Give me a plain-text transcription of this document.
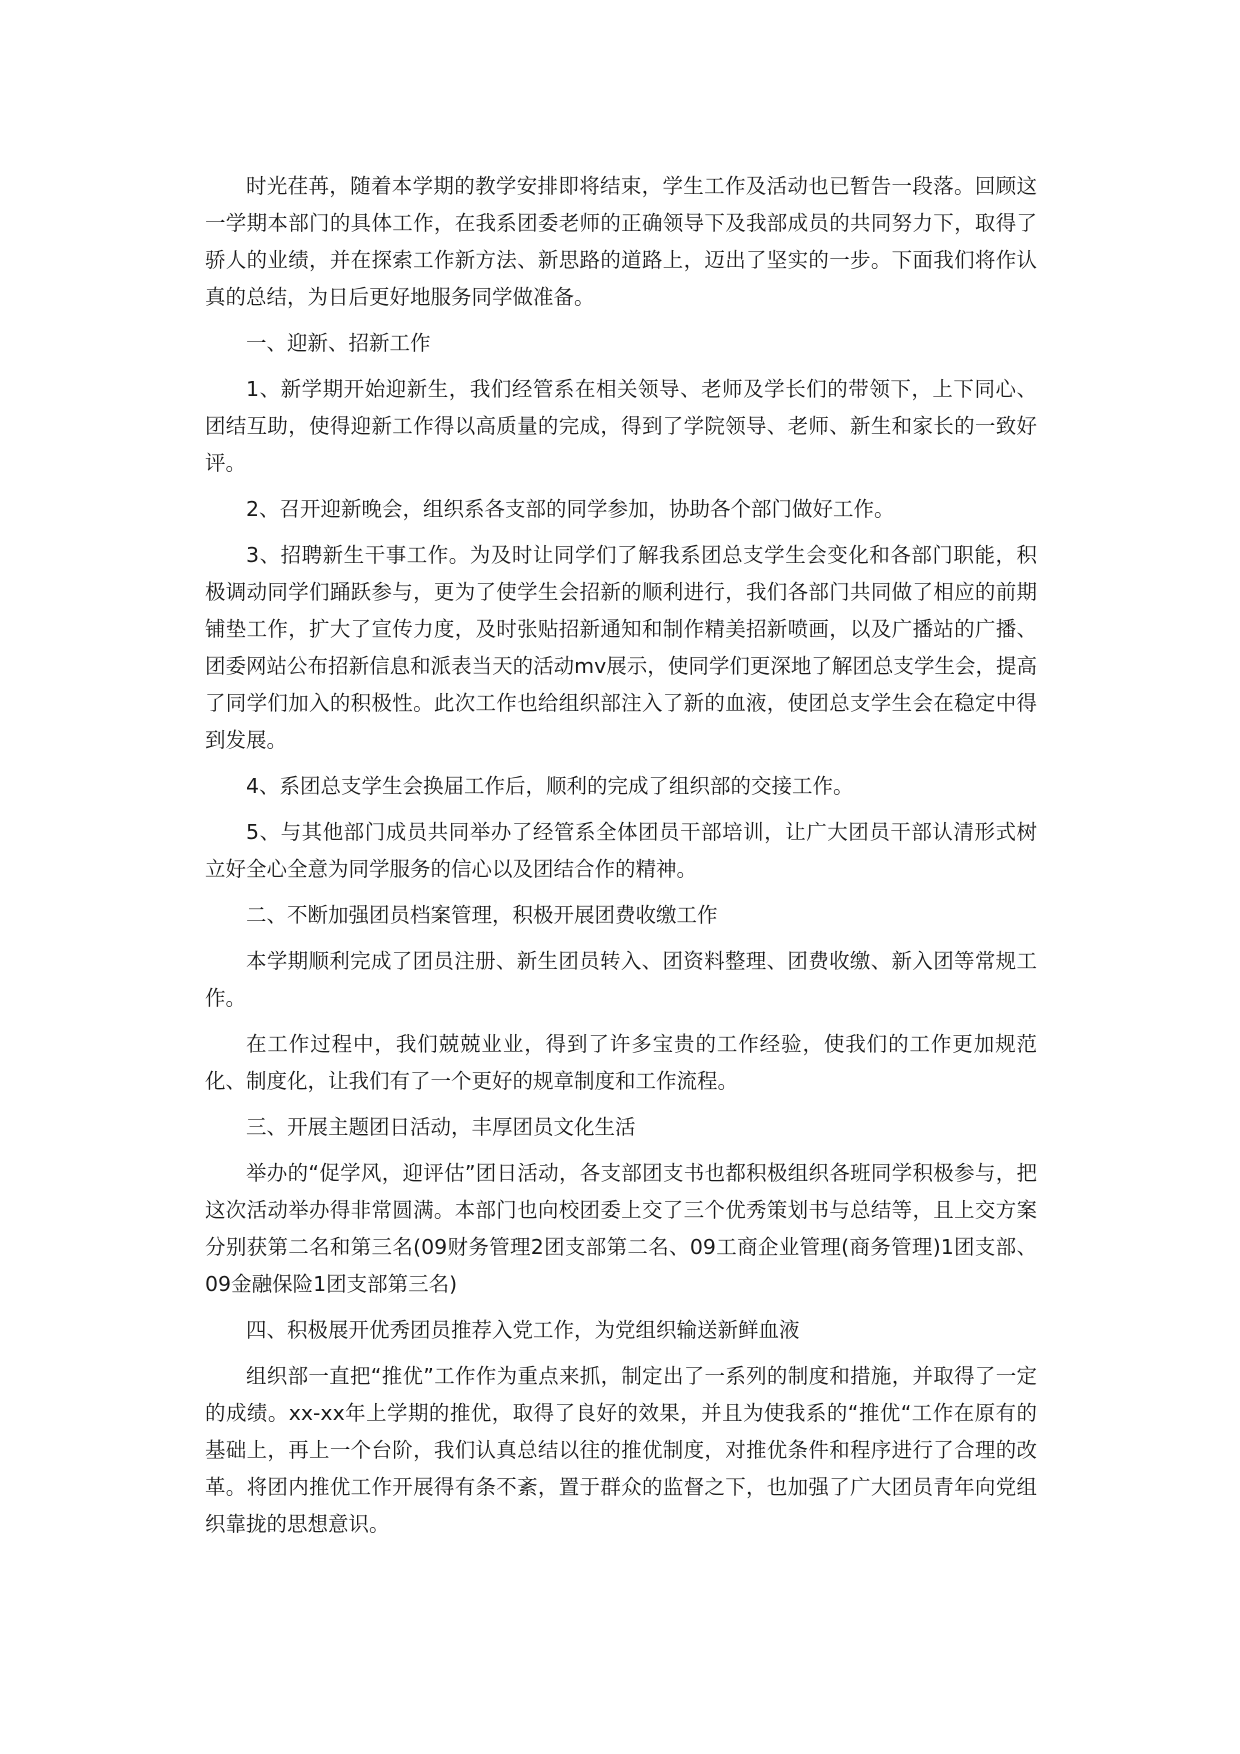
时光荏苒，随着本学期的教学安排即将结束，学生工作及活动也已暂告一段落。回顾这一学期本部门的具体工作，在我系团委老师的正确领导下及我部成员的共同努力下，取得了骄人的业绩，并在探索工作新方法、新思路的道路上，迈出了坚实的一步。下面我们将作认真的总结，为日后更好地服务同学做准备。

一、迎新、招新工作

1、新学期开始迎新生，我们经管系在相关领导、老师及学长们的带领下，上下同心、团结互助，使得迎新工作得以高质量的完成，得到了学院领导、老师、新生和家长的一致好评。

2、召开迎新晚会，组织系各支部的同学参加，协助各个部门做好工作。

3、招聘新生干事工作。为及时让同学们了解我系团总支学生会变化和各部门职能，积极调动同学们踊跃参与，更为了使学生会招新的顺利进行，我们各部门共同做了相应的前期铺垫工作，扩大了宣传力度，及时张贴招新通知和制作精美招新喷画，以及广播站的广播、团委网站公布招新信息和派表当天的活动mv展示，使同学们更深地了解团总支学生会，提高了同学们加入的积极性。此次工作也给组织部注入了新的血液，使团总支学生会在稳定中得到发展。

4、系团总支学生会换届工作后，顺利的完成了组织部的交接工作。

5、与其他部门成员共同举办了经管系全体团员干部培训，让广大团员干部认清形式树立好全心全意为同学服务的信心以及团结合作的精神。

二、不断加强团员档案管理，积极开展团费收缴工作

本学期顺利完成了团员注册、新生团员转入、团资料整理、团费收缴、新入团等常规工作。

在工作过程中，我们兢兢业业，得到了许多宝贵的工作经验，使我们的工作更加规范化、制度化，让我们有了一个更好的规章制度和工作流程。

三、开展主题团日活动，丰厚团员文化生活

举办的“促学风，迎评估”团日活动，各支部团支书也都积极组织各班同学积极参与，把这次活动举办得非常圆满。本部门也向校团委上交了三个优秀策划书与总结等，且上交方案分别获第二名和第三名(09财务管理2团支部第二名、09工商企业管理(商务管理)1团支部、09金融保险1团支部第三名)

四、积极展开优秀团员推荐入党工作，为党组织输送新鲜血液

组织部一直把“推优”工作作为重点来抓，制定出了一系列的制度和措施，并取得了一定的成绩。xx-xx年上学期的推优，取得了良好的效果，并且为使我系的“推优“工作在原有的基础上，再上一个台阶，我们认真总结以往的推优制度，对推优条件和程序进行了合理的改革。将团内推优工作开展得有条不紊，置于群众的监督之下，也加强了广大团员青年向党组织靠拢的思想意识。
